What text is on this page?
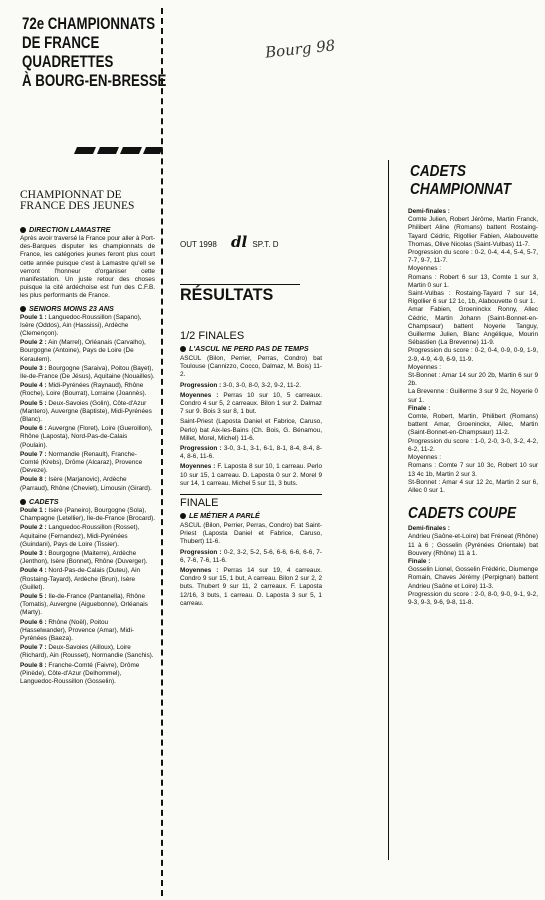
72e CHAMPIONNATS
DE FRANCE
QUADRETTES
À BOURG-EN-BRESSE
CHAMPIONNAT DE FRANCE DES JEUNES
DIRECTION LAMASTRE

Après avoir traversé la France pour aller à Port-des-Barques disputer les championnats de France, les catégories jeunes feront plus court cette année puisque c'est à Lamastre qu'ell se verront l'honneur d'organiser cette manifestation. Un juste retour des choses puisque la cité ardéchoise est l'un des C.F.B. les plus performants de France.

SENIORS MOINS 23 ANS

Poule 1 : Languedoc-Roussillon (Sapano), Isère (Oddos), Ain (Hassissi), Ardèche (Clemençon).

Poule 2 : Ain (Marrel), Orléanais (Carvalho), Bourgogne (Antoine), Pays de Loire (De Keraulem).

Poule 3 : Bourgogne (Saraiva), Poitou (Bayet), Ile-de-France (De Jésus), Aquitaine (Nouailles).

Poule 4 : Midi-Pyrénées (Raynaud), Rhône (Roche), Loire (Bourrat), Lorraine (Joannès).

Poule 5 : Deux-Savoies (Golin), Côte-d'Azur (Mantero), Auvergne (Baptiste), Midi-Pyrénées (Blanc).

Poule 6 : Auvergne (Floret), Loire (Gueroillon), Rhône (Laposta), Nord-Pas-de-Calais (Poulain).

Poule 7 : Normandie (Renault), Franche-Comté (Krebs), Drôme (Alcaraz), Provence (Deveze).

Poule 8 : Isère (Marjanovic), Ardèche (Parraud), Rhône (Cheviet), Limousin (Girard).

CADETS

Poule 1 : Isère (Paneiro), Bourgogne (Sola), Champagne (Letellier), Ile-de-France (Brocard).

Poule 2 : Languedoc-Roussillon (Rosset), Aquitaine (Fernandez), Midi-Pyrénées (Guindani), Pays de Loire (Tissier).

Poule 3 : Bourgogne (Maiterre), Ardèche (Jenthon), Isère (Bonnet), Rhône (Duverger).

Poule 4 : Nord-Pas-de-Calais (Duteu), Ain (Rostaing-Tayard), Ardèche (Brun), Isère (Guillet).

Poule 5 : Ile-de-France (Pantanella), Rhône (Tomatis), Auvergne (Aiguebonne), Orléanais (Marty).

Poule 6 : Rhône (Noël), Poitou (Hasselwander), Provence (Amar), Midi-Pyrénées (Baeza).

Poule 7 : Deux-Savoies (Ailloux), Loire (Richard), Ain (Rousset), Normandie (Sanchis).

Poule 8 : Franche-Comté (Faivre), Drôme (Pinède), Côte-d'Azur (Delhommel), Languedoc-Roussillon (Gosselin).

Bourg 98
OUT 1998 dl SP.T. D
RÉSULTATS
1/2 FINALES
L'ASCUL NE PERD PAS DE TEMPS

ASCUL (Bilon, Perrier, Perras, Condro) bat Toulouse (Cannizzo, Cocco, Dalmaz, M. Bois) 11-2.

Progression : 3-0, 3-0, 8-0, 3-2, 9-2, 11-2.

Moyennes : Perras 10 sur 10, 5 carreaux. Condro 4 sur 5, 2 carreaux. Bilon 1 sur 2. Dalmaz 7 sur 9. Bois 3 sur 8, 1 but.

Saint-Priest (Laposta Daniel et Fabrice, Caruso, Perlo) bat Aix-les-Bains (Ch. Bois, G. Bénamou, Millet, Morel, Michel) 11-6.

Progression : 3-0, 3-1, 3-1, 6-1, 8-1, 8-4, 8-4, 8-4, 8-6, 11-6.

Moyennes : F. Laposta 8 sur 10, 1 carreau. Perlo 10 sur 15, 1 carreau. D. Laposta 0 sur 2. Morel 9 sur 14, 1 carreau. Michel 5 sur 11, 3 buts.

FINALE
LE MÉTIER A PARLÉ

ASCUL (Bilon, Perrier, Perras, Condro) bat Saint-Priest (Laposta Daniel et Fabrice, Caruso, Thubert) 11-6.

Progression : 0-2, 3-2, 5-2, 5-6, 6-6, 6-6, 6-6, 7-6, 7-6, 7-6, 11-6.

Moyennes : Perras 14 sur 19, 4 carreaux. Condro 9 sur 15, 1 but, A carreau. Bilon 2 sur 2, 2 buts. Thubert 9 sur 11, 2 carreaux. F. Laposta 12/16, 3 buts, 1 carreau. D. Laposta 3 sur 5, 1 carreau.

CADETS
CHAMPIONNAT

Demi-finales :
Comte Julien, Robert Jérôme, Martin Franck, Philibert Aline (Romans) battent Rostaing-Tayard Cédric, Rigollier Fabien, Alabouvette Thomas, Olive Nicolas (Saint-Vulbas) 11-7.

Progression du score : 0-2, 0-4, 4-4, 5-4, 5-7, 7-7, 9-7, 11-7.

Moyennes :

Romans : Robert 6 sur 13, Comte 1 sur 3, Martin 0 sur 1.

Saint-Vulbas : Rostaing-Tayard 7 sur 14, Rigollier 6 sur 12 1c, 1b, Alabouvette 0 sur 1.

Amar Fabien, Groeninckx Ronny, Allec Cédric, Martin Johann (Saint-Bonnet-en-Champsaur) battent Noyerie Tanguy, Guillerme Julien, Blanc Angélique, Mourin Sébastien (La Brevenne) 11-9.

Progression du score : 0-2, 0-4, 0-9, 0-9, 1-9, 2-9, 4-9, 4-9, 6-9, 11-9.

Moyennes :

St-Bonnet : Amar 14 sur 20 2b, Martin 6 sur 9 2b.

La Brevenne : Guillerme 3 sur 9 2c, Noyerie 0 sur 1.

Finale :

Comte, Robert, Martin, Philibert (Romans) battent Amar, Groeninckx, Allec, Martin (Saint-Bonnet-en-Champsaur) 11-2.

Progression du score : 1-0, 2-0, 3-0, 3-2, 4-2, 6-2, 11-2.

Moyennes :

Romans : Comte 7 sur 10 3c, Robert 10 sur 13 4c 1b, Martin 2 sur 3.

St-Bonnet : Amar 4 sur 12 2c, Martin 2 sur 6, Allec 0 sur 1.

CADETS COUPE

Demi-finales :
Andrieu (Saône-et-Loire) bat Fréneat (Rhône) 11 à 6 ; Gosselin (Pyrénées Orientale) bat Bouvery (Rhône) 11 à 1.

Finale :

Gosselin Lionel, Gosselin Frédéric, Diumenge Romain, Chaves Jérémy (Perpignan) battent Andrieu (Saône et Loire) 11-3.

Progression du score : 2-0, 8-0, 9-0, 9-1, 9-2, 9-3, 9-3, 9-6, 9-8, 11-8.
